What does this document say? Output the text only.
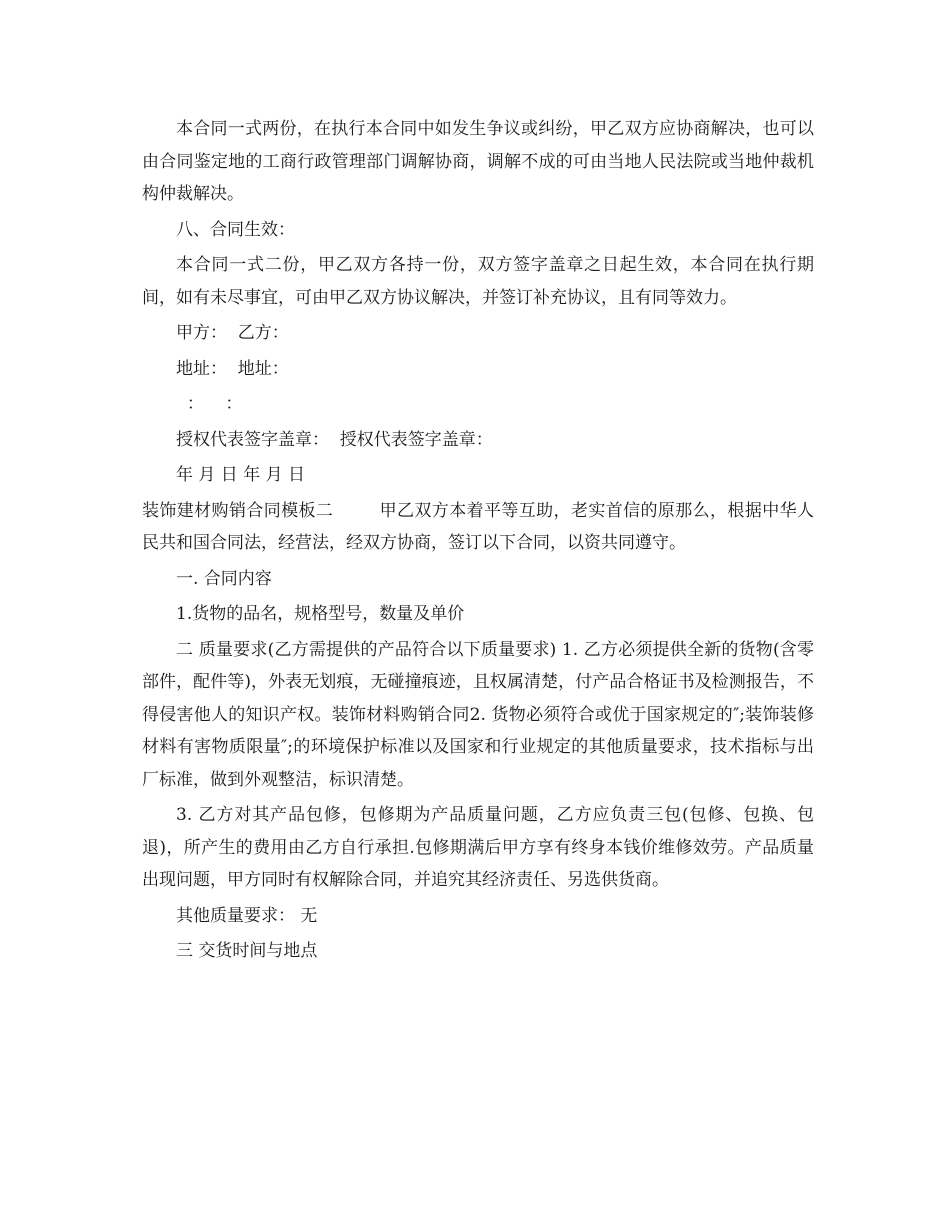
本合同一式两份，在执行本合同中如发生争议或纠纷，甲乙双方应协商解决，也可以由合同鉴定地的工商行政管理部门调解协商，调解不成的可由当地人民法院或当地仲裁机构仲裁解决。

八、合同生效：

本合同一式二份，甲乙双方各持一份，双方签字盖章之日起生效，本合同在执行期间，如有未尽事宜，可由甲乙双方协议解决，并签订补充协议，且有同等效力。

甲方：  乙方：

地址：  地址：

：    ：

授权代表签字盖章：  授权代表签字盖章：

年 月 日 年 月 日

装饰建材购销合同模板二        甲乙双方本着平等互助，老实首信的原那么，根据中华人民共和国合同法，经营法，经双方协商，签订以下合同，以资共同遵守。

一. 合同内容

1.货物的品名，规格型号，数量及单价

二 质量要求(乙方需提供的产品符合以下质量要求) 1. 乙方必须提供全新的货物(含零部件，配件等)，外表无划痕，无碰撞痕迹，且权属清楚，付产品合格证书及检测报告，不得侵害他人的知识产权。装饰材料购销合同2. 货物必须符合或优于国家规定的″;装饰装修材料有害物质限量″;的环境保护标准以及国家和行业规定的其他质量要求，技术指标与出厂标准，做到外观整洁，标识清楚。

3. 乙方对其产品包修，包修期为产品质量问题，乙方应负责三包(包修、包换、包退)，所产生的费用由乙方自行承担.包修期满后甲方享有终身本钱价维修效劳。产品质量出现问题，甲方同时有权解除合同，并追究其经济责任、另选供货商。

其他质量要求： 无

三 交货时间与地点
